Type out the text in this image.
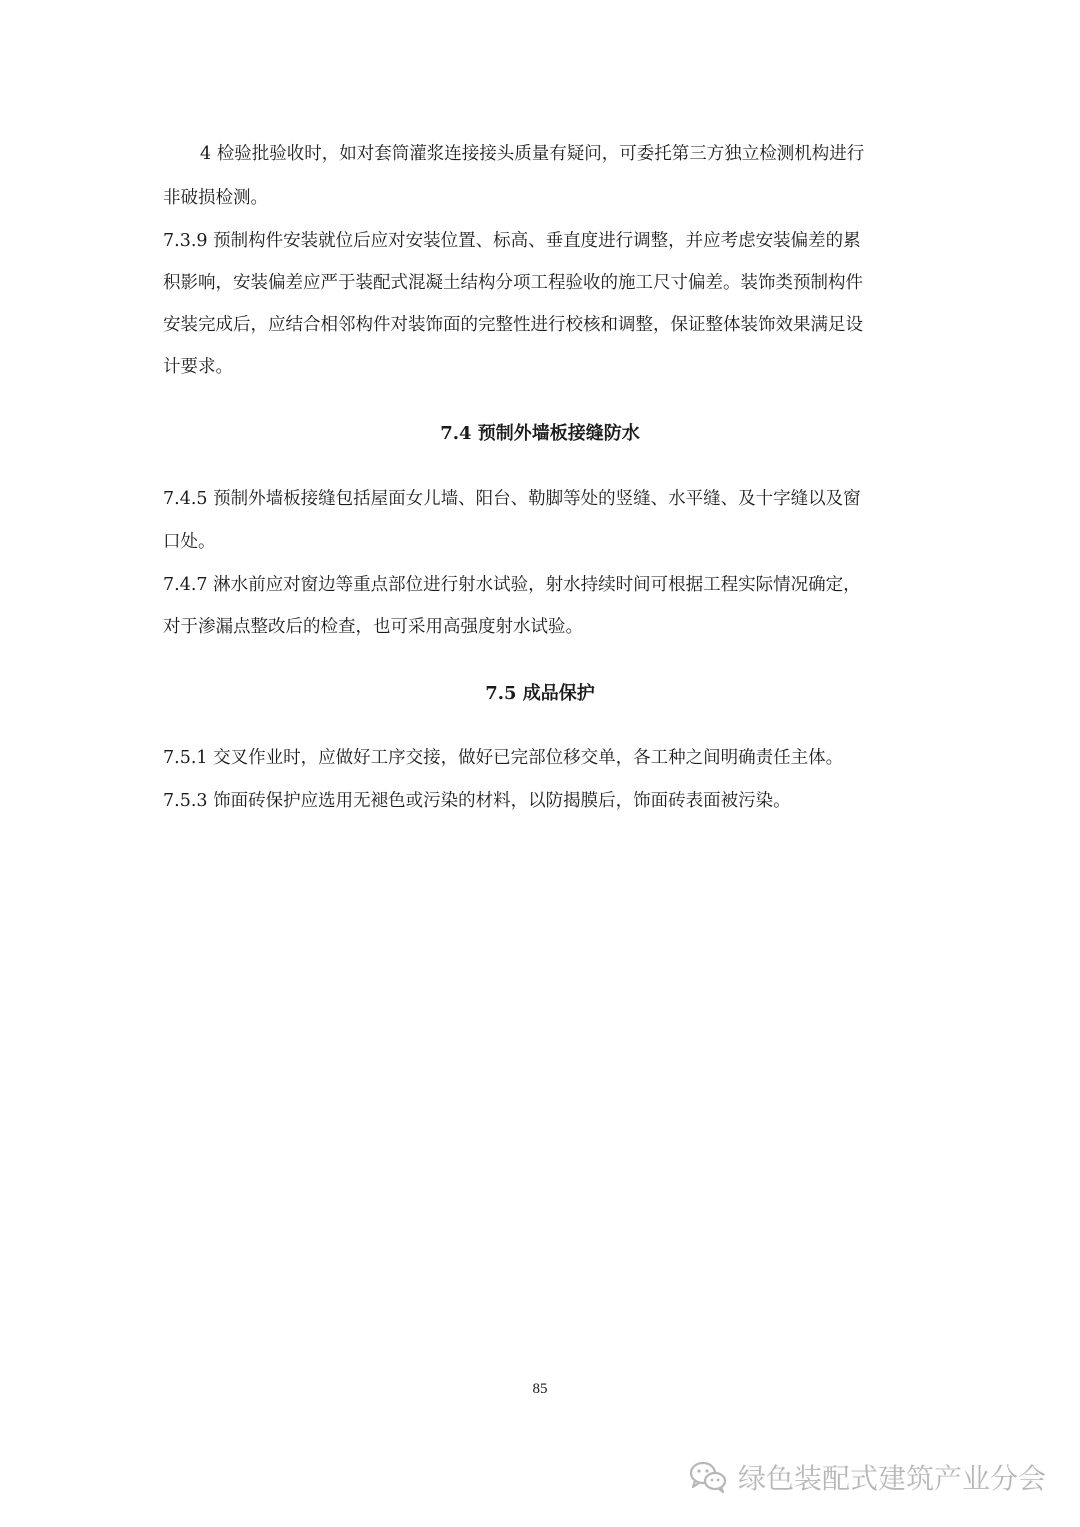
4 检验批验收时，如对套筒灌浆连接接头质量有疑问，可委托第三方独立检测机构进行
非破损检测。
7.3.9 预制构件安装就位后应对安装位置、标高、垂直度进行调整，并应考虑安装偏差的累
积影响，安装偏差应严于装配式混凝土结构分项工程验收的施工尺寸偏差。装饰类预制构件
安装完成后，应结合相邻构件对装饰面的完整性进行校核和调整，保证整体装饰效果满足设
计要求。
7.4 预制外墙板接缝防水
7.4.5 预制外墙板接缝包括屋面女儿墙、阳台、勒脚等处的竖缝、水平缝、及十字缝以及窗
口处。
7.4.7 淋水前应对窗边等重点部位进行射水试验，射水持续时间可根据工程实际情况确定，
对于渗漏点整改后的检查，也可采用高强度射水试验。
7.5 成品保护
7.5.1 交叉作业时，应做好工序交接，做好已完部位移交单，各工种之间明确责任主体。
7.5.3 饰面砖保护应选用无褪色或污染的材料，以防揭膜后，饰面砖表面被污染。
85
绿色装配式建筑产业分会
